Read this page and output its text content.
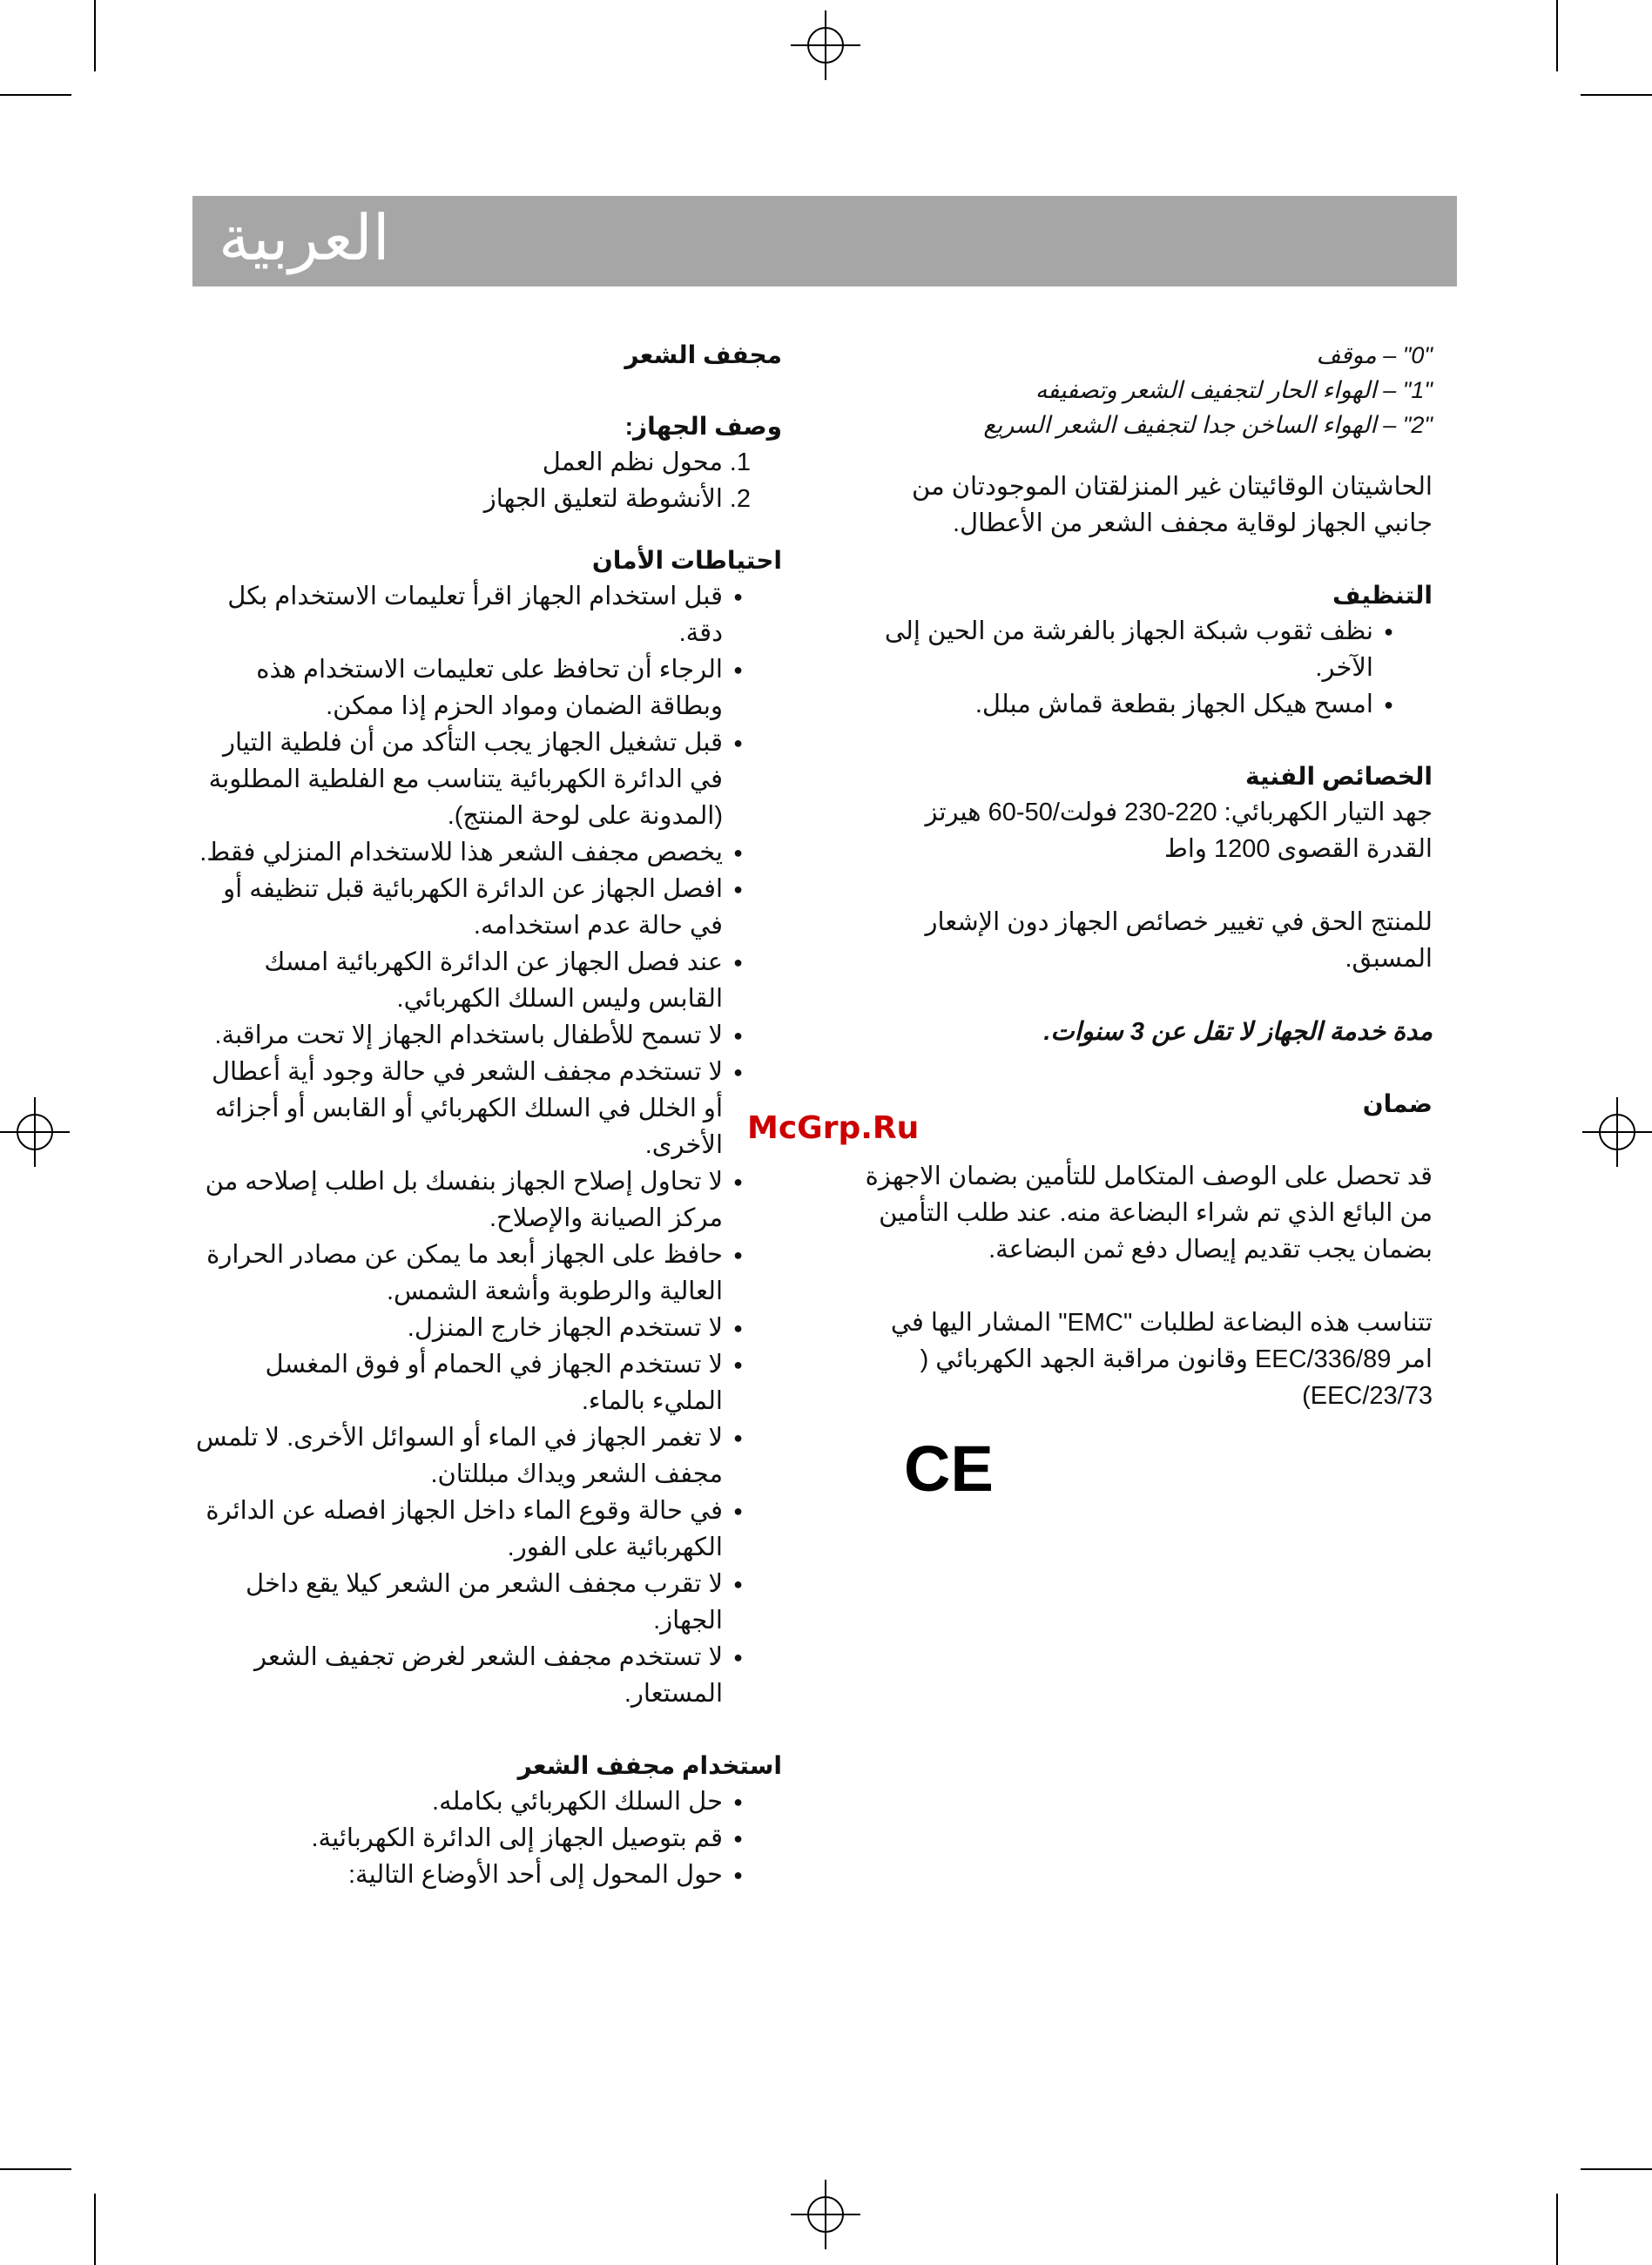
العربية
مجفف الشعر
وصف الجهاز:
1.
محول نظم العمل
2.
الأنشوطة لتعليق الجهاز
احتياطات الأمان
●
قبل استخدام الجهاز اقرأ تعليمات الاستخدام بكل دقة.
●
الرجاء أن تحافظ على تعليمات الاستخدام هذه وبطاقة الضمان ومواد الحزم إذا ممكن.
●
قبل تشغيل الجهاز يجب التأكد من أن فلطية التيار في الدائرة الكهربائية يتناسب مع الفلطية المطلوبة (المدونة على لوحة المنتج).
●
يخصص مجفف الشعر هذا للاستخدام المنزلي فقط.
●
افصل الجهاز عن الدائرة الكهربائية قبل تنظيفه أو في حالة عدم استخدامه.
●
عند فصل الجهاز عن الدائرة الكهربائية امسك القابس وليس السلك الكهربائي.
●
لا تسمح للأطفال باستخدام الجهاز إلا تحت مراقبة.
●
لا تستخدم مجفف الشعر في حالة وجود أية أعطال أو الخلل في السلك الكهربائي أو القابس أو أجزائه الأخرى.
●
لا تحاول إصلاح الجهاز بنفسك بل اطلب إصلاحه من مركز الصيانة والإصلاح.
●
حافظ على الجهاز أبعد ما يمكن عن مصادر الحرارة العالية والرطوبة وأشعة الشمس.
●
لا تستخدم الجهاز خارج المنزل.
●
لا تستخدم الجهاز في الحمام أو فوق المغسل المليء بالماء.
●
لا تغمر الجهاز في الماء أو السوائل الأخرى. لا تلمس مجفف الشعر ويداك مبللتان.
●
في حالة وقوع الماء داخل الجهاز افصله عن الدائرة الكهربائية على الفور.
●
لا تقرب مجفف الشعر من الشعر كيلا يقع داخل الجهاز.
●
لا تستخدم مجفف الشعر لغرض تجفيف الشعر المستعار.
استخدام مجفف الشعر
●
حل السلك الكهربائي بكامله.
●
قم بتوصيل الجهاز إلى الدائرة الكهربائية.
●
حول المحول إلى أحد الأوضاع التالية:
"0" – موقف
"1" – الهواء الحار لتجفيف الشعر وتصفيفه
"2" – الهواء الساخن جدا لتجفيف الشعر السريع

الحاشيتان الوقائيتان غير المنزلقتان الموجودتان من جانبي الجهاز لوقاية مجفف الشعر من الأعطال.

التنظيف
●
نظف ثقوب شبكة الجهاز بالفرشة من الحين إلى الآخر.
●
امسح هيكل الجهاز بقطعة قماش مبلل.
الخصائص الفنية

جهد التيار الكهربائي: 220-230 فولت/50-60 هيرتز

القدرة القصوى 1200 واط

للمنتج الحق في تغيير خصائص الجهاز دون الإشعار المسبق.

مدة خدمة الجهاز لا تقل عن 3 سنوات.

ضمان

قد تحصل على الوصف المتكامل للتأمين بضمان الاجهزة من البائع الذي تم شراء البضاعة منه. عند طلب التأمين بضمان يجب تقديم إيصال دفع ثمن البضاعة.

تتناسب هذه البضاعة لطلبات "EMC" المشار اليها في امر EEC/336/89 وقانون مراقبة الجهد الكهربائي ( EEC/23/73)

CE
McGrp.Ru
